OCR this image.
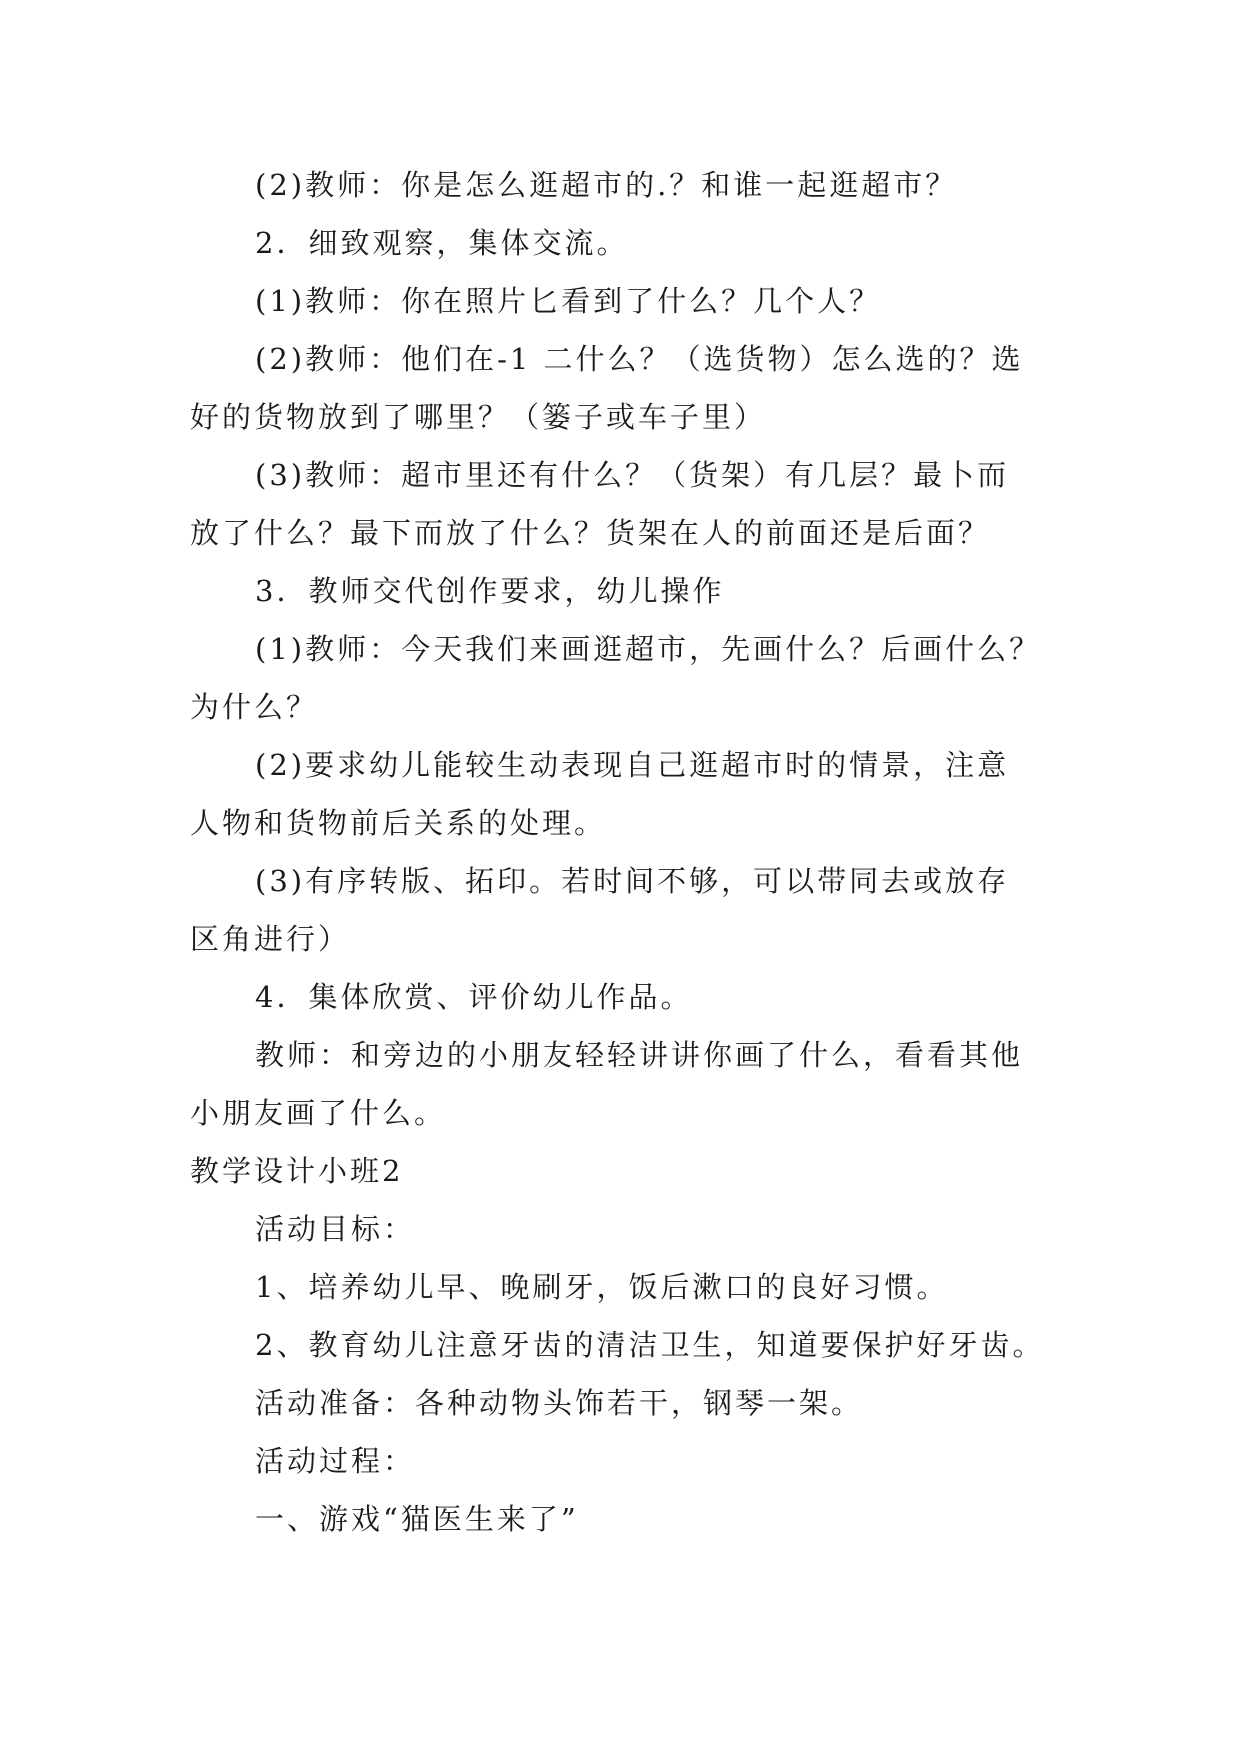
(2)教师：你是怎么逛超市的.？和谁一起逛超市？
2．细致观察，集体交流。
(1)教师：你在照片匕看到了什么？几个人？
(2)教师：他们在-1 二什么？（选货物）怎么选的？选
好的货物放到了哪里？（篓子或车子里）
(3)教师：超市里还有什么？（货架）有几层？最卜而
放了什么？最下而放了什么？货架在人的前面还是后面？
3．教师交代创作要求，幼儿操作
(1)教师：今天我们来画逛超市，先画什么？后画什么？
为什么？
(2)要求幼儿能较生动表现自己逛超市时的情景，注意
人物和货物前后关系的处理。
(3)有序转版、拓印。若时间不够，可以带同去或放存
区角进行）
4．集体欣赏、评价幼儿作品。
教师：和旁边的小朋友轻轻讲讲你画了什么，看看其他
小朋友画了什么。
教学设计小班2
活动目标：
1、培养幼儿早、晚刷牙，饭后漱口的良好习惯。
2、教育幼儿注意牙齿的清洁卫生，知道要保护好牙齿。
活动准备：各种动物头饰若干，钢琴一架。
活动过程：
一、游戏“猫医生来了”
